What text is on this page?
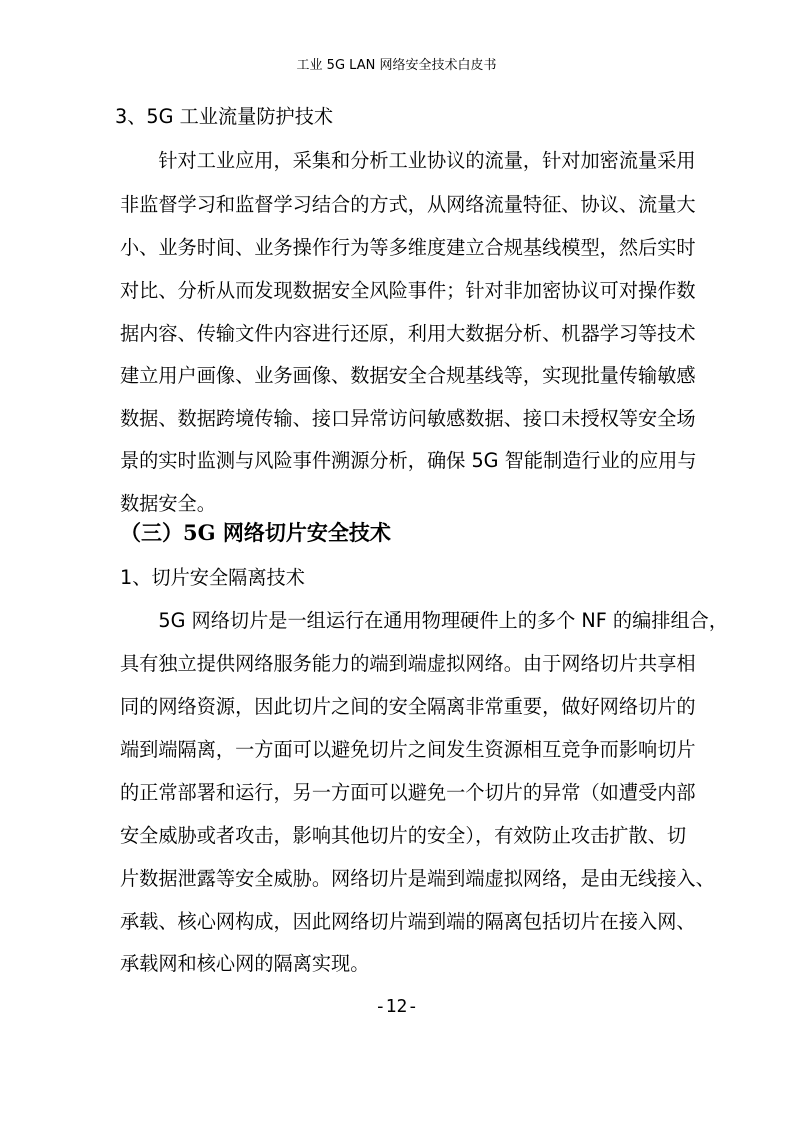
工业 5G LAN 网络安全技术白皮书
3、5G 工业流量防护技术
　　针对工业应用，采集和分析工业协议的流量，针对加密流量采用
非监督学习和监督学习结合的方式，从网络流量特征、协议、流量大
小、业务时间、业务操作行为等多维度建立合规基线模型，然后实时
对比、分析从而发现数据安全风险事件；针对非加密协议可对操作数
据内容、传输文件内容进行还原，利用大数据分析、机器学习等技术
建立用户画像、业务画像、数据安全合规基线等，实现批量传输敏感
数据、数据跨境传输、接口异常访问敏感数据、接口未授权等安全场
景的实时监测与风险事件溯源分析，确保 5G 智能制造行业的应用与
数据安全。
（三）5G 网络切片安全技术
1、切片安全隔离技术
　　5G 网络切片是一组运行在通用物理硬件上的多个 NF 的编排组合，
具有独立提供网络服务能力的端到端虚拟网络。由于网络切片共享相
同的网络资源，因此切片之间的安全隔离非常重要，做好网络切片的
端到端隔离，一方面可以避免切片之间发生资源相互竞争而影响切片
的正常部署和运行，另一方面可以避免一个切片的异常（如遭受内部
安全威胁或者攻击，影响其他切片的安全），有效防止攻击扩散、切
片数据泄露等安全威胁。网络切片是端到端虚拟网络，是由无线接入、
承载、核心网构成，因此网络切片端到端的隔离包括切片在接入网、
承载网和核心网的隔离实现。
-12-
